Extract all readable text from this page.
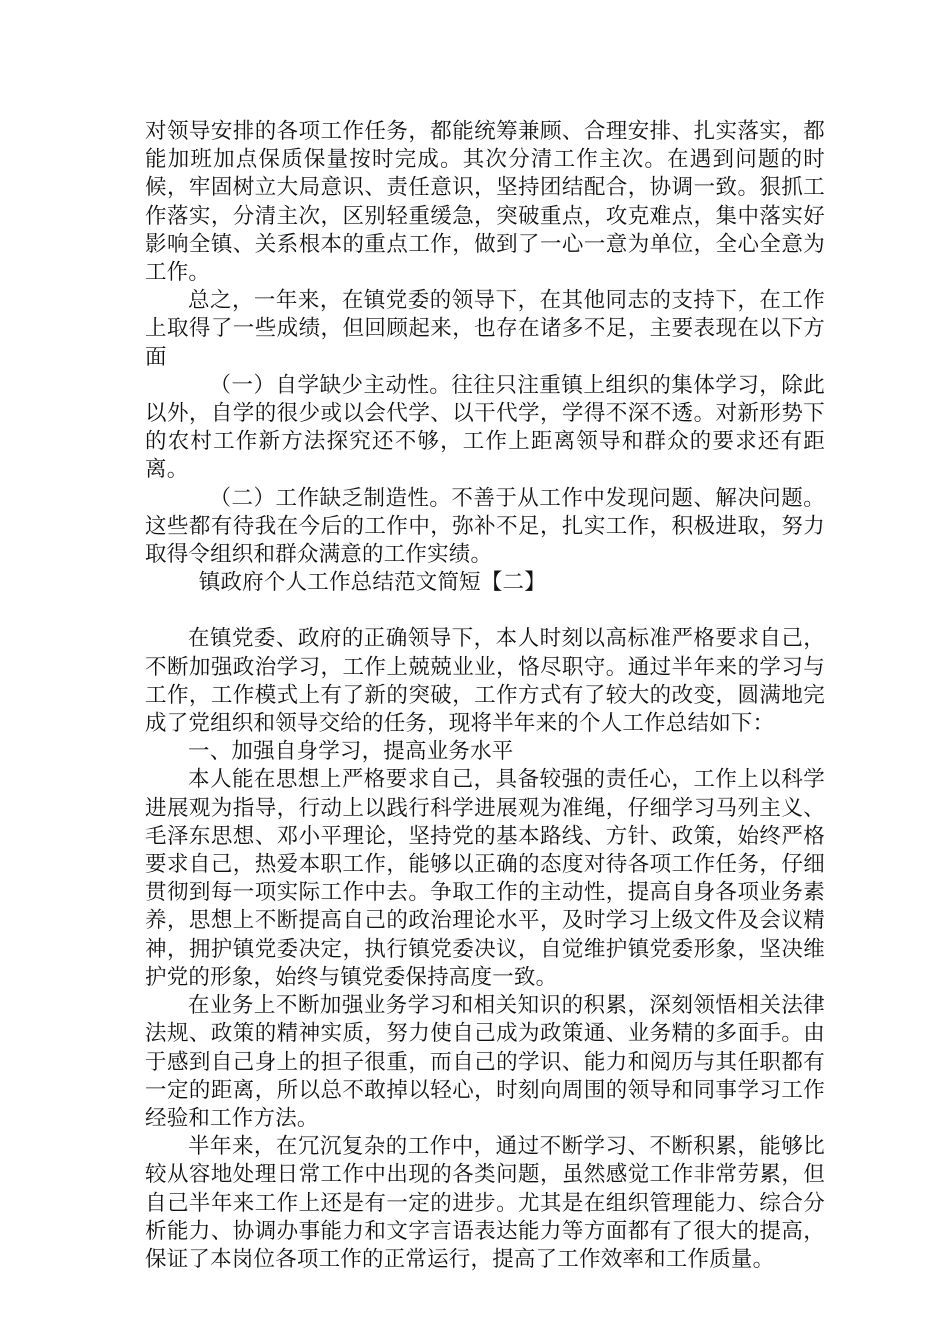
对领导安排的各项工作任务，都能统筹兼顾、合理安排、扎实落实，都能加班加点保质保量按时完成。其次分清工作主次。在遇到问题的时候，牢固树立大局意识、责任意识，坚持团结配合，协调一致。狠抓工作落实，分清主次，区别轻重缓急，突破重点，攻克难点，集中落实好影响全镇、关系根本的重点工作，做到了一心一意为单位，全心全意为工作。

总之，一年来，在镇党委的领导下，在其他同志的支持下，在工作上取得了一些成绩，但回顾起来，也存在诸多不足，主要表现在以下方面

（一）自学缺少主动性。往往只注重镇上组织的集体学习，除此以外，自学的很少或以会代学、以干代学，学得不深不透。对新形势下的农村工作新方法探究还不够，工作上距离领导和群众的要求还有距离。

（二）工作缺乏制造性。不善于从工作中发现问题、解决问题。这些都有待我在今后的工作中，弥补不足，扎实工作，积极进取，努力取得令组织和群众满意的工作实绩。

镇政府个人工作总结范文简短【二】

在镇党委、政府的正确领导下，本人时刻以高标准严格要求自己，不断加强政治学习，工作上兢兢业业，恪尽职守。通过半年来的学习与工作，工作模式上有了新的突破，工作方式有了较大的改变，圆满地完成了党组织和领导交给的任务，现将半年来的个人工作总结如下：

一、加强自身学习，提高业务水平

本人能在思想上严格要求自己，具备较强的责任心，工作上以科学进展观为指导，行动上以践行科学进展观为准绳，仔细学习马列主义、毛泽东思想、邓小平理论，坚持党的基本路线、方针、政策，始终严格要求自己，热爱本职工作，能够以正确的态度对待各项工作任务，仔细贯彻到每一项实际工作中去。争取工作的主动性，提高自身各项业务素养，思想上不断提高自己的政治理论水平，及时学习上级文件及会议精神，拥护镇党委决定，执行镇党委决议，自觉维护镇党委形象，坚决维护党的形象，始终与镇党委保持高度一致。

在业务上不断加强业务学习和相关知识的积累，深刻领悟相关法律法规、政策的精神实质，努力使自己成为政策通、业务精的多面手。由于感到自己身上的担子很重，而自己的学识、能力和阅历与其任职都有一定的距离，所以总不敢掉以轻心，时刻向周围的领导和同事学习工作经验和工作方法。

半年来，在冗沉复杂的工作中，通过不断学习、不断积累，能够比较从容地处理日常工作中出现的各类问题，虽然感觉工作非常劳累，但自己半年来工作上还是有一定的进步。尤其是在组织管理能力、综合分析能力、协调办事能力和文字言语表达能力等方面都有了很大的提高，保证了本岗位各项工作的正常运行，提高了工作效率和工作质量。
